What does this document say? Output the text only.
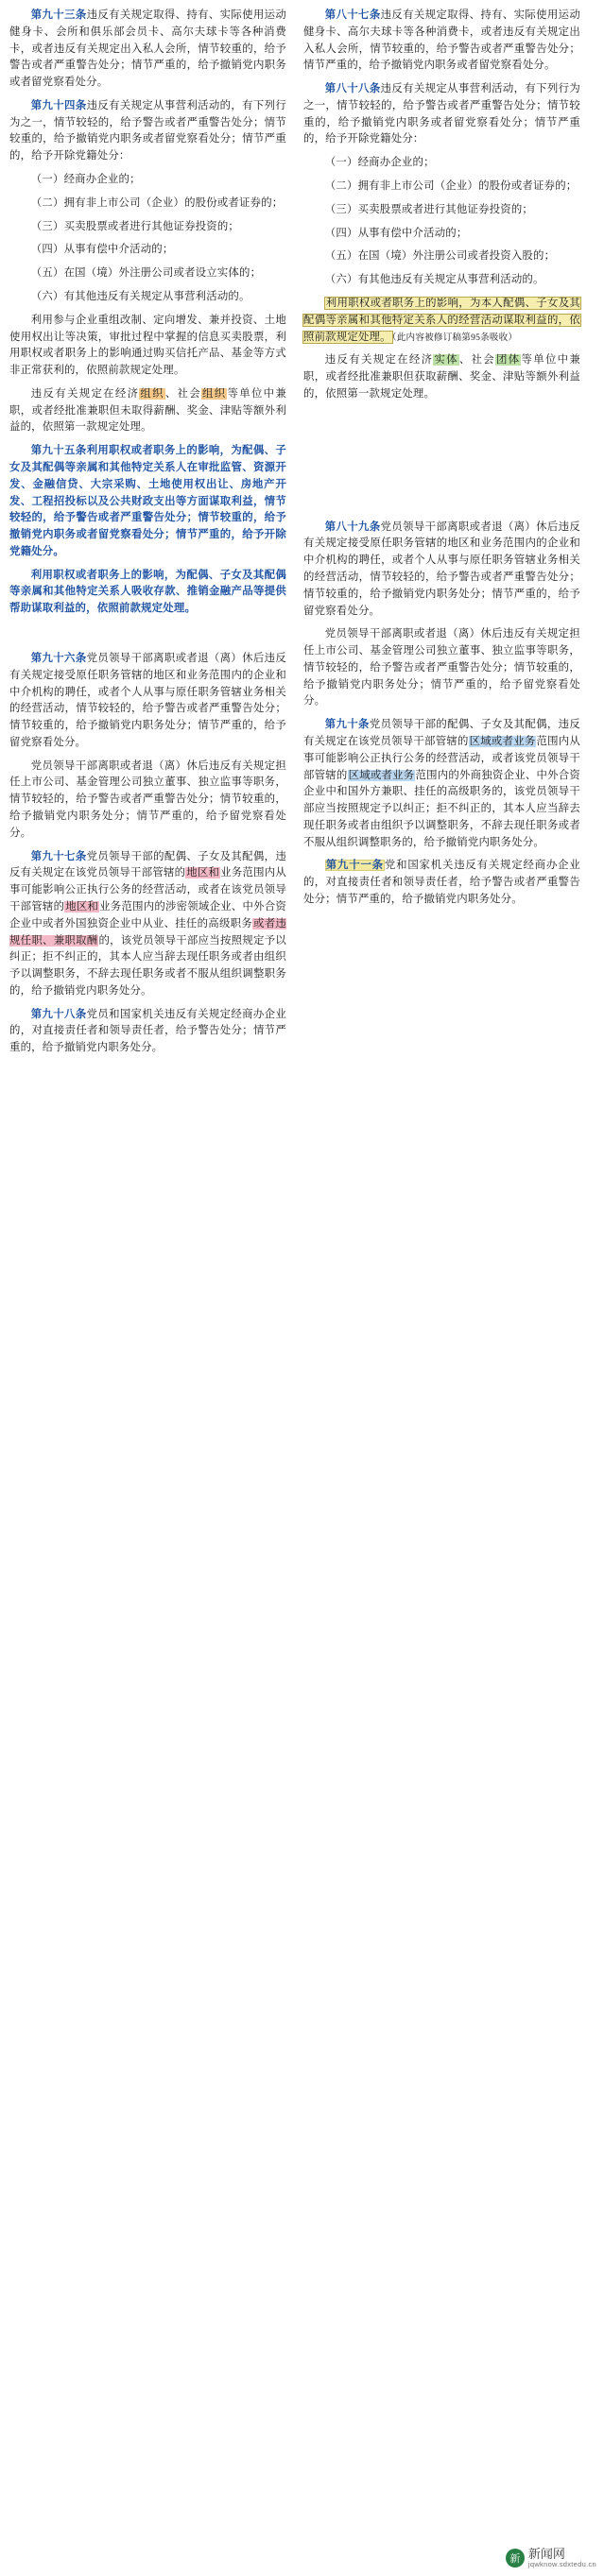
第九十三条违反有关规定取得、持有、实际使用运动健身卡、会所和俱乐部会员卡、高尔夫球卡等各种消费卡，或者违反有关规定出入私人会所，情节较重的，给予警告或者严重警告处分；情节严重的，给予撤销党内职务或者留党察看处分。

第九十四条违反有关规定从事营利活动的，有下列行为之一，情节较轻的，给予警告或者严重警告处分；情节较重的，给予撤销党内职务或者留党察看处分；情节严重的，给予开除党籍处分：

（一）经商办企业的；

（二）拥有非上市公司（企业）的股份或者证券的；

（三）买卖股票或者进行其他证券投资的；

（四）从事有偿中介活动的；

（五）在国（境）外注册公司或者设立实体的；

（六）有其他违反有关规定从事营利活动的。

利用参与企业重组改制、定向增发、兼并投资、土地使用权出让等决策，审批过程中掌握的信息买卖股票，利用职权或者职务上的影响通过购买信托产品、基金等方式非正常获利的，依照前款规定处理。

违反有关规定在经济组织、社会组织等单位中兼职，或者经批准兼职但未取得薪酬、奖金、津贴等额外利益的，依照第一款规定处理。

第九十五条利用职权或者职务上的影响，为配偶、子女及其配偶等亲属和其他特定关系人在审批监管、资源开发、金融信贷、大宗采购、土地使用权出让、房地产开发、工程招投标以及公共财政支出等方面谋取利益，情节较轻的，给予警告或者严重警告处分；情节较重的，给予撤销党内职务或者留党察看处分；情节严重的，给予开除党籍处分。

利用职权或者职务上的影响，为配偶、子女及其配偶等亲属和其他特定关系人吸收存款、推销金融产品等提供帮助谋取利益的，依照前款规定处理。

第九十六条党员领导干部离职或者退（离）休后违反有关规定接受原任职务管辖的地区和业务范围内的企业和中介机构的聘任，或者个人从事与原任职务管辖业务相关的经营活动，情节较轻的，给予警告或者严重警告处分；情节较重的，给予撤销党内职务处分；情节严重的，给予留党察看处分。

党员领导干部离职或者退（离）休后违反有关规定担任上市公司、基金管理公司独立董事、独立监事等职务，情节较轻的，给予警告或者严重警告处分；情节较重的，给予撤销党内职务处分；情节严重的，给予留党察看处分。

第九十七条党员领导干部的配偶、子女及其配偶，违反有关规定在该党员领导干部管辖的地区和业务范围内从事可能影响公正执行公务的经营活动，或者在该党员领导干部管辖的地区和业务范围内的涉密领域企业、中外合资企业中或者外国独资企业中从业、挂任的高级职务或者违规任职、兼职取酬的，该党员领导干部应当按照规定予以纠正；拒不纠正的，其本人应当辞去现任职务或者由组织予以调整职务，不辞去现任职务或者不服从组织调整职务的，给予撤销党内职务处分。

第九十八条党员和国家机关违反有关规定经商办企业的，对直接责任者和领导责任者，给予警告处分；情节严重的，给予撤销党内职务处分。

第八十七条违反有关规定取得、持有、实际使用运动健身卡、高尔夫球卡等各种消费卡，或者违反有关规定出入私人会所，情节较重的，给予警告或者严重警告处分；情节严重的，给予撤销党内职务或者留党察看处分。

第八十八条违反有关规定从事营利活动，有下列行为之一，情节较轻的，给予警告或者严重警告处分；情节较重的，给予撤销党内职务或者留党察看处分；情节严重的，给予开除党籍处分：

（一）经商办企业的；

（二）拥有非上市公司（企业）的股份或者证券的；

（三）买卖股票或者进行其他证券投资的；

（四）从事有偿中介活动的；

（五）在国（境）外注册公司或者投资入股的；

（六）有其他违反有关规定从事营利活动的。

利用职权或者职务上的影响，为本人配偶、子女及其配偶等亲属和其他特定关系人的经营活动谋取利益的，依照前款规定处理。（此内容被修订稿第95条吸收）

违反有关规定在经济实体、社会团体等单位中兼职，或者经批准兼职但获取薪酬、奖金、津贴等额外利益的，依照第一款规定处理。

第八十九条党员领导干部离职或者退（离）休后违反有关规定接受原任职务管辖的地区和业务范围内的企业和中介机构的聘任，或者个人从事与原任职务管辖业务相关的经营活动，情节较轻的，给予警告或者严重警告处分；情节较重的，给予撤销党内职务处分；情节严重的，给予留党察看处分。

党员领导干部离职或者退（离）休后违反有关规定担任上市公司、基金管理公司独立董事、独立监事等职务，情节较轻的，给予警告或者严重警告处分；情节较重的，给予撤销党内职务处分；情节严重的，给予留党察看处分。

第九十条党员领导干部的配偶、子女及其配偶，违反有关规定在该党员领导干部管辖的区域或者业务范围内从事可能影响公正执行公务的经营活动，或者该党员领导干部管辖的区域或者业务范围内的外商独资企业、中外合资企业中和国外方兼职、挂任的高级职务的，该党员领导干部应当按照规定予以纠正；拒不纠正的，其本人应当辞去现任职务或者由组织予以调整职务，不辞去现任职务或者不服从组织调整职务的，给予撤销党内职务处分。

第九十一条党和国家机关违反有关规定经商办企业的，对直接责任者和领导责任者，给予警告或者严重警告处分；情节严重的，给予撤销党内职务处分。

新 新闻网
jqwknow.sdxtedu.cn
